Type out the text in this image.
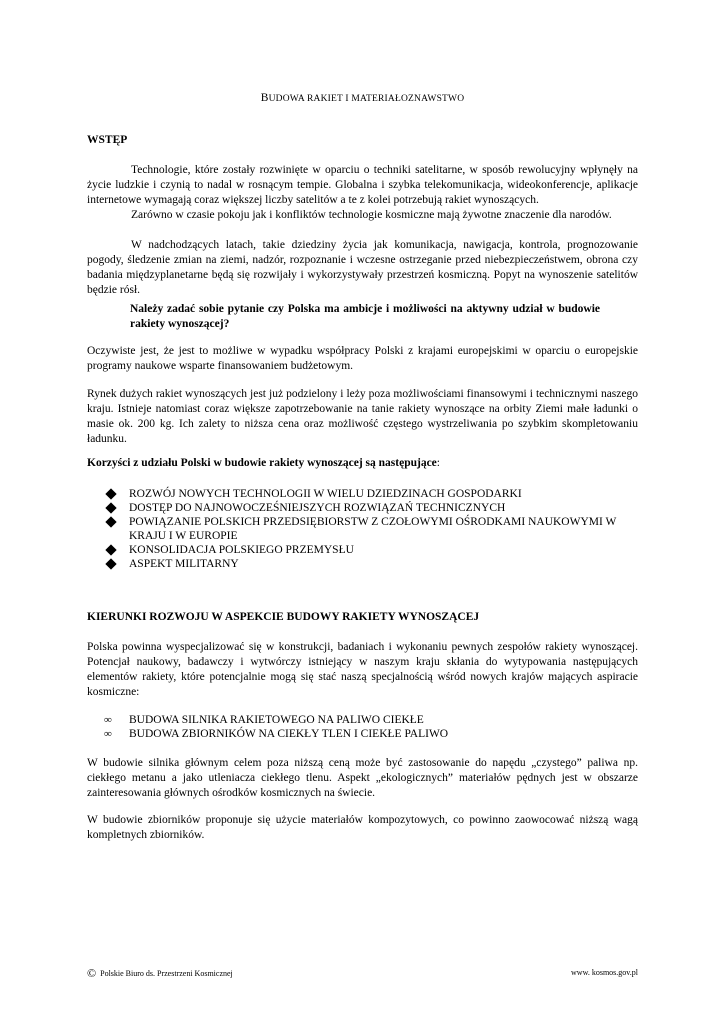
BUDOWA RAKIET I MATERIAŁOZNAWSTWO
WSTĘP
Technologie, które zostały rozwinięte w oparciu o techniki satelitarne, w sposób rewolucyjny wpłynęły na życie ludzkie i czynią to nadal w rosnącym tempie. Globalna i szybka telekomunikacja, wideokonferencje, aplikacje internetowe wymagają coraz większej liczby satelitów a te z kolei potrzebują rakiet wynoszących.
Zarówno w czasie pokoju jak i konfliktów technologie kosmiczne mają żywotne znaczenie dla narodów.
W nadchodzących latach, takie dziedziny życia jak komunikacja, nawigacja, kontrola, prognozowanie pogody, śledzenie zmian na ziemi, nadzór, rozpoznanie i wczesne ostrzeganie przed niebezpieczeństwem, obrona czy badania międzyplanetarne będą się rozwijały i wykorzystywały przestrzeń kosmiczną. Popyt na wynoszenie satelitów będzie rósł.
Należy zadać sobie pytanie czy Polska ma ambicje i możliwości na aktywny udział w budowie rakiety wynoszącej?
Oczywiste jest, że jest to możliwe w wypadku współpracy Polski z krajami europejskimi w oparciu o europejskie programy naukowe wsparte finansowaniem budżetowym.
Rynek dużych rakiet wynoszących jest już podzielony i leży poza możliwościami finansowymi i technicznymi naszego kraju. Istnieje natomiast coraz większe zapotrzebowanie na tanie rakiety wynoszące na orbity Ziemi małe ładunki o masie ok. 200 kg. Ich zalety to niższa cena oraz możliwość częstego wystrzeliwania po szybkim skompletowaniu ładunku.
Korzyści z udziału Polski w budowie rakiety wynoszącej są następujące:
ROZWÓJ NOWYCH TECHNOLOGII W WIELU DZIEDZINACH GOSPODARKI
DOSTĘP DO NAJNOWOCZEŚNIEJSZYCH ROZWIĄZAŃ TECHNICZNYCH
POWIĄZANIE POLSKICH PRZEDSIĘBIORSTW Z CZOŁOWYMI OŚRODKAMI NAUKOWYMI W KRAJU I W EUROPIE
KONSOLIDACJA POLSKIEGO PRZEMYSŁU
ASPEKT MILITARNY
KIERUNKI ROZWOJU W ASPEKCIE BUDOWY RAKIETY WYNOSZĄCEJ
Polska powinna wyspecjalizować się w konstrukcji, badaniach i wykonaniu pewnych zespołów rakiety wynoszącej. Potencjał naukowy, badawczy i wytwórczy istniejący w naszym kraju skłania do wytypowania następujących elementów rakiety, które potencjalnie mogą się stać naszą specjalnością wśród nowych krajów mających aspiracie kosmiczne:
∞ BUDOWA SILNIKA RAKIETOWEGO NA PALIWO CIEKŁE
∞ BUDOWA ZBIORNIKÓW NA CIEKŁY TLEN I CIEKŁE PALIWO
W budowie silnika głównym celem poza niższą ceną może być zastosowanie do napędu „czystego” paliwa np. ciekłego metanu a jako utleniacza ciekłego tlenu. Aspekt „ekologicznych” materiałów pędnych jest w obszarze zainteresowania głównych ośrodków kosmicznych na świecie.
W budowie zbiorników proponuje się użycie materiałów kompozytowych, co powinno zaowocować niższą wagą kompletnych zbiorników.
© Polskie Biuro ds. Przestrzeni Kosmicznej	www. kosmos.gov.pl
